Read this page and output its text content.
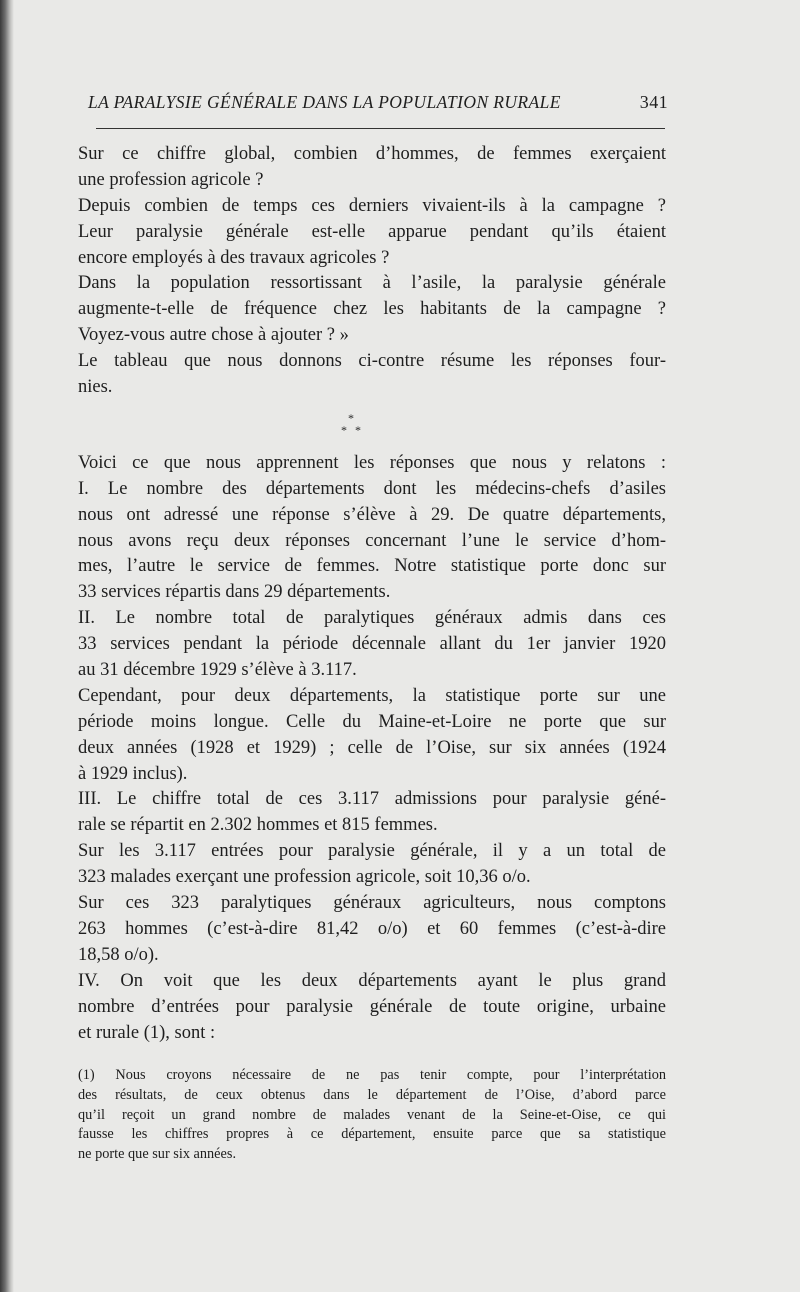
LA PARALYSIE GÉNÉRALE DANS LA POPULATION RURALE	341
Sur ce chiffre global, combien d’hommes, de femmes exerçaient
une profession agricole ?
Depuis combien de temps ces derniers vivaient-ils à la campagne ?
Leur paralysie générale est-elle apparue pendant qu’ils étaient
encore employés à des travaux agricoles ?
Dans la population ressortissant à l’asile, la paralysie générale
augmente-t-elle de fréquence chez les habitants de la campagne ?
Voyez-vous autre chose à ajouter ? »
Le tableau que nous donnons ci-contre résume les réponses four-
nies.
*
* *
Voici ce que nous apprennent les réponses que nous y relatons :
I. Le nombre des départements dont les médecins-chefs d’asiles
nous ont adressé une réponse s’élève à 29. De quatre départements,
nous avons reçu deux réponses concernant l’une le service d’hom-
mes, l’autre le service de femmes. Notre statistique porte donc sur
33 services répartis dans 29 départements.
II. Le nombre total de paralytiques généraux admis dans ces
33 services pendant la période décennale allant du 1er janvier 1920
au 31 décembre 1929 s’élève à 3.117.
Cependant, pour deux départements, la statistique porte sur une
période moins longue. Celle du Maine-et-Loire ne porte que sur
deux années (1928 et 1929) ; celle de l’Oise, sur six années (1924
à 1929 inclus).
III. Le chiffre total de ces 3.117 admissions pour paralysie géné-
rale se répartit en 2.302 hommes et 815 femmes.
Sur les 3.117 entrées pour paralysie générale, il y a un total de
323 malades exerçant une profession agricole, soit 10,36 o/o.
Sur ces 323 paralytiques généraux agriculteurs, nous comptons
263 hommes (c’est-à-dire 81,42 o/o) et 60 femmes (c’est-à-dire
18,58 o/o).
IV. On voit que les deux départements ayant le plus grand
nombre d’entrées pour paralysie générale de toute origine, urbaine
et rurale (1), sont :
(1) Nous croyons nécessaire de ne pas tenir compte, pour l’interprétation
des résultats, de ceux obtenus dans le département de l’Oise, d’abord parce
qu’il reçoit un grand nombre de malades venant de la Seine-et-Oise, ce qui
fausse les chiffres propres à ce département, ensuite parce que sa statistique
ne porte que sur six années.
